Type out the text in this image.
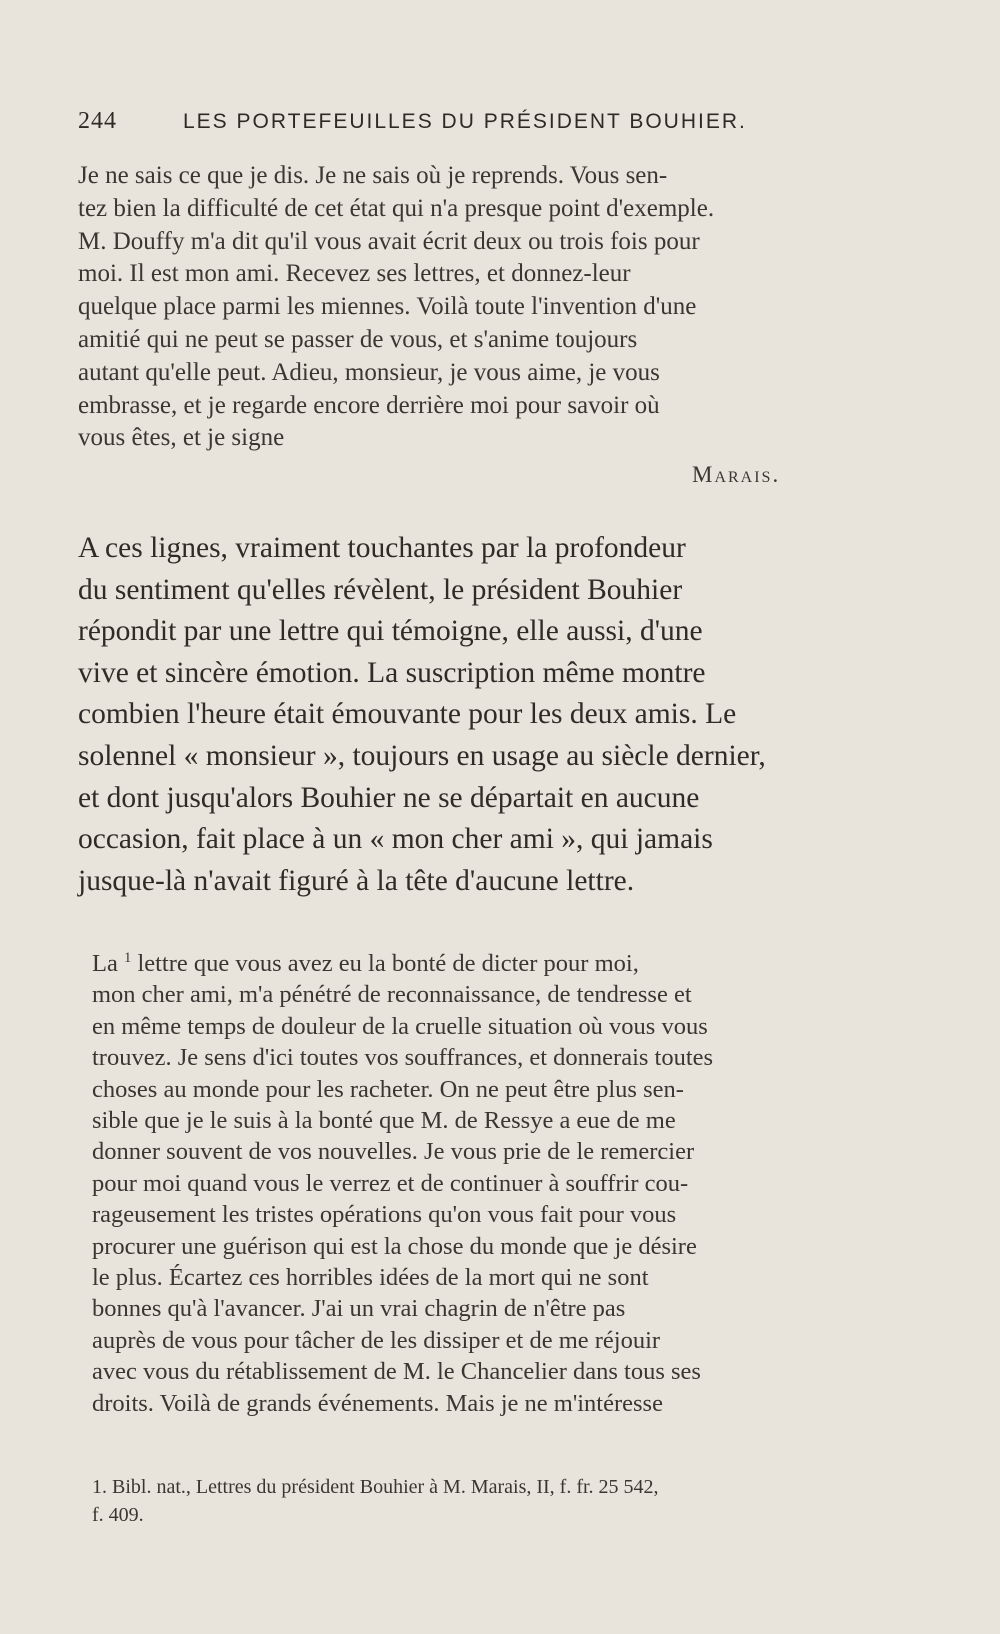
244	LES PORTEFEUILLES DU PRÉSIDENT BOUHIER.
Je ne sais ce que je dis. Je ne sais où je reprends. Vous sen-
tez bien la difficulté de cet état qui n'a presque point d'exemple.
M. Douffy m'a dit qu'il vous avait écrit deux ou trois fois pour
moi. Il est mon ami. Recevez ses lettres, et donnez-leur
quelque place parmi les miennes. Voilà toute l'invention d'une
amitié qui ne peut se passer de vous, et s'anime toujours
autant qu'elle peut. Adieu, monsieur, je vous aime, je vous
embrasse, et je regarde encore derrière moi pour savoir où
vous êtes, et je signe
Marais.
A ces lignes, vraiment touchantes par la profondeur
du sentiment qu'elles révèlent, le président Bouhier
répondit par une lettre qui témoigne, elle aussi, d'une
vive et sincère émotion. La suscription même montre
combien l'heure était émouvante pour les deux amis. Le
solennel « monsieur », toujours en usage au siècle dernier,
et dont jusqu'alors Bouhier ne se départait en aucune
occasion, fait place à un « mon cher ami », qui jamais
jusque-là n'avait figuré à la tête d'aucune lettre.
La $^1$ lettre que vous avez eu la bonté de dicter pour moi,
mon cher ami, m'a pénétré de reconnaissance, de tendresse et
en même temps de douleur de la cruelle situation où vous vous
trouvez. Je sens d'ici toutes vos souffrances, et donnerais toutes
choses au monde pour les racheter. On ne peut être plus sen-
sible que je le suis à la bonté que M. de Ressye a eue de me
donner souvent de vos nouvelles. Je vous prie de le remercier
pour moi quand vous le verrez et de continuer à souffrir cou-
rageusement les tristes opérations qu'on vous fait pour vous
procurer une guérison qui est la chose du monde que je désire
le plus. Écartez ces horribles idées de la mort qui ne sont
bonnes qu'à l'avancer. J'ai un vrai chagrin de n'être pas
auprès de vous pour tâcher de les dissiper et de me réjouir
avec vous du rétablissement de M. le Chancelier dans tous ses
droits. Voilà de grands événements. Mais je ne m'intéresse
1. Bibl. nat., Lettres du président Bouhier à M. Marais, II, f. fr. 25 542,
f. 409.
